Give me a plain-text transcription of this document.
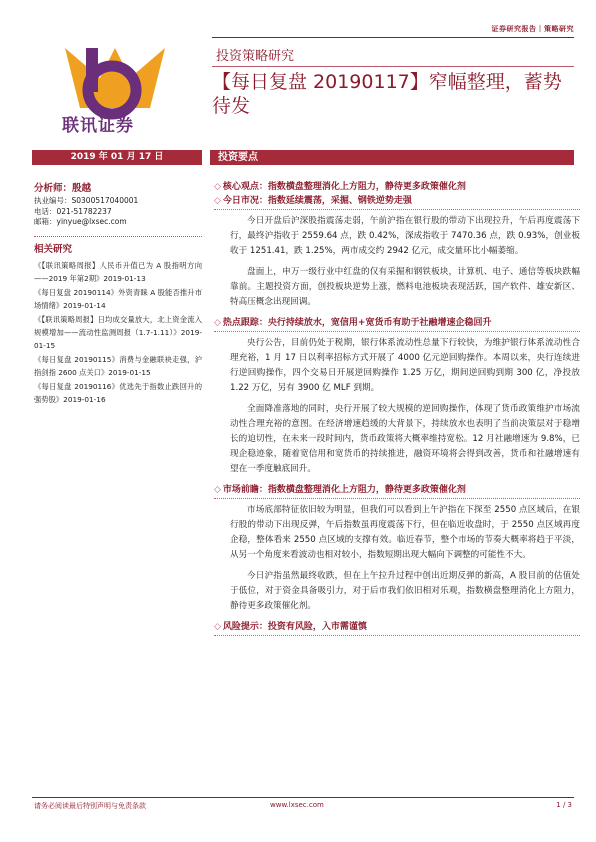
证券研究报告｜策略研究
联讯证券
投资策略研究
【每日复盘 20190117】窄幅整理，蓄势待发
2019 年 01 月 17 日	投资要点
分析师：殷越
执业编号：S0300517040001
电话：021-51782237
邮箱：yinyue@lxsec.com
相关研究
《【联讯策略周报】人民币升值已为 A 股指明方向——2019 年第2期》2019-01-13
《每日复盘 20190114》外资青睐 A 股能否推升市场情绪》2019-01-14
《【联讯策略周报】日均成交量放大，北上资金流入规模增加——流动性监测周报（1.7-1.11）》2019-01-15
《每日复盘 20190115》消费与金融联袂走强，沪指剑指 2600 点关口》2019-01-15
《每日复盘 20190116》优选先于指数止跌回升的强势股》2019-01-16
◇ 核心观点：指数横盘整理消化上方阻力，静待更多政策催化剂
◇ 今日市况：指数延续震荡，采掘、钢铁逆势走强

今日开盘后沪深股指震荡走弱，午前沪指在银行股的带动下出现拉升，午后再度震荡下行，最终沪指收于 2559.64 点，跌 0.42%，深成指收于 7470.36 点，跌 0.93%，创业板收于 1251.41，跌 1.25%，两市成交约 2942 亿元，成交量环比小幅萎缩。

盘面上，申万一级行业中红盘的仅有采掘和钢铁板块，计算机、电子、通信等板块跌幅靠前。主题投资方面，创投板块逆势上涨，燃料电池板块表现活跃，国产软件、雄安新区、特高压概念出现回调。

◇ 热点跟踪：央行持续放水，宽信用+宽货币有助于社融增速企稳回升

央行公告，目前仍处于税期，银行体系流动性总量下行较快，为维护银行体系流动性合理充裕，1 月 17 日以利率招标方式开展了 4000 亿元逆回购操作。本周以来，央行连续进行逆回购操作，四个交易日开展逆回购操作 1.25 万亿，期间逆回购到期 300 亿，净投放 1.22 万亿，另有 3900 亿 MLF 到期。

全面降准落地的同时，央行开展了较大规模的逆回购操作，体现了货币政策维护市场流动性合理充裕的意图。在经济增速趋缓的大背景下，持续放水也表明了当前决策层对于稳增长的迫切性，在未来一段时间内，货币政策将大概率维持宽松。12 月社融增速为 9.8%，已现企稳迹象，随着宽信用和宽货币的持续推进，融资环境将会得到改善，货币和社融增速有望在一季度触底回升。

◇ 市场前瞻：指数横盘整理消化上方阻力，静待更多政策催化剂

市场底部特征依旧较为明显，但我们可以看到上午沪指在下探至 2550 点区域后，在银行股的带动下出现反弹，午后指数虽再度震荡下行，但在临近收盘时，于 2550 点区域再度企稳，整体看来 2550 点区域的支撑有效。临近春节，整个市场的节奏大概率将趋于平淡，从另一个角度来看波动也相对较小，指数短期出现大幅向下调整的可能性不大。

今日沪指虽然最终收跌，但在上午拉升过程中创出近期反弹的新高，A 股目前的估值处于低位，对于资金具备吸引力，对于后市我们依旧相对乐观，指数横盘整理消化上方阻力，静待更多政策催化剂。

◇ 风险提示：投资有风险，入市需谨慎
请务必阅读最后特别声明与免责条款	www.lxsec.com	1 / 3
